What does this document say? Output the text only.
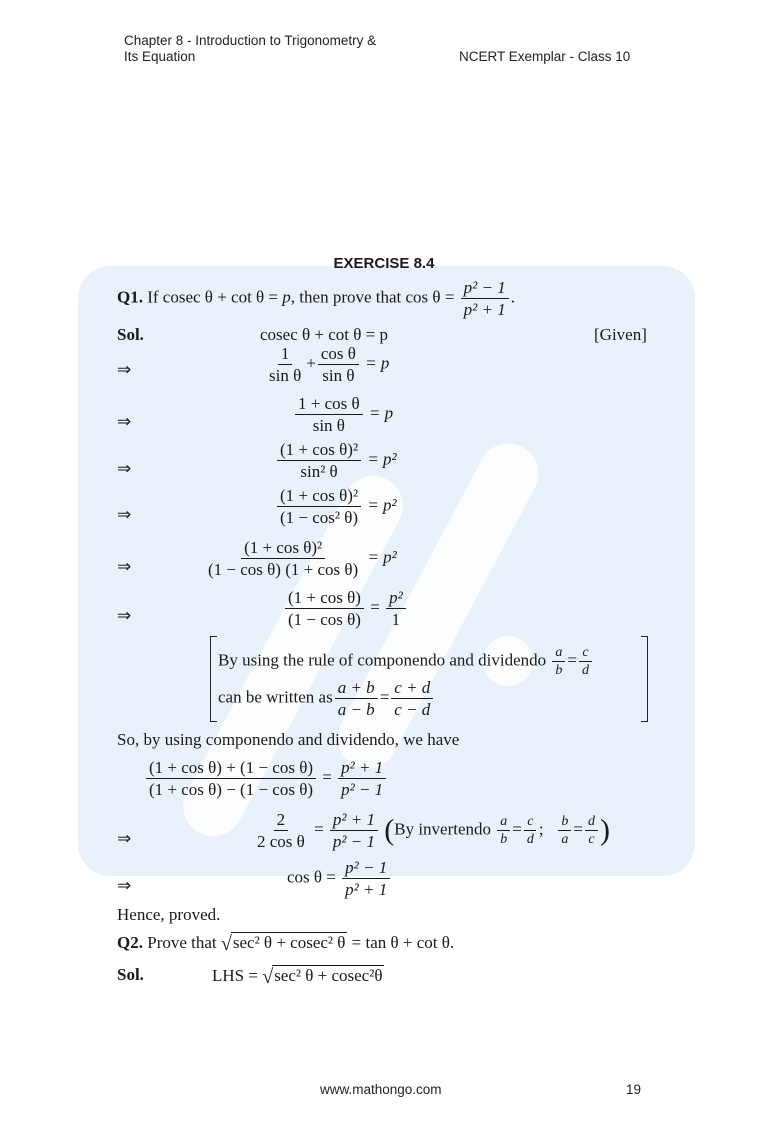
Chapter 8 - Introduction to Trigonometry &
Its Equation	NCERT Exemplar - Class 10
EXERCISE 8.4
Q1. If cosec θ + cot θ = p, then prove that $\cos \theta = \frac{\text{p² − 1}}{\text{p² + 1}}$ .
Sol.	cosec θ + cot θ = p	[Given]
⇒	$\frac{1}{\text{sin θ}} + \frac{\text{cos θ}}{\text{sin θ}} = p$
⇒	$\frac{\text{1 + cos θ}}{\text{sin θ}} = p$
⇒	$\frac{\text{(1 + cos θ)²}}{\text{sin² θ}} = p^2$
⇒	$\frac{\text{(1 + cos θ)²}}{\text{(1 − cos² θ)}} = p^2$
⇒	$\frac{\text{(1 + cos θ)²}}{\text{(1 − cos θ) (1 + cos θ)}} = p^2$
⇒	$\frac{\text{(1 + cos θ)}}{\text{(1 − cos θ)}} = \frac{\text{p²}}{1}$
By using the rule of componendo and dividendo $\frac{a}{b} = \frac{c}{d}$
can be written as $\frac{a + b}{a - b} = \frac{c + d}{c - d}$
So, by using componendo and dividendo, we have
$\frac{\text{(1 + cos θ) + (1 − cos θ)}}{\text{(1 + cos θ) − (1 − cos θ)}} = \frac{\text{p² + 1}}{\text{p² − 1}}$
⇒	$\frac{2}{\text{2 cos θ}} = \frac{\text{p² + 1}}{\text{p² − 1}} (By$ invertendo $\frac{a}{b} = \frac{c}{d}$ ; $\frac{b}{a} = \frac{d}{c}$ )
⇒	$\cos \theta = \frac{\text{p² − 1}}{\text{p² + 1}}$
Hence, proved.
Q2. Prove that √sec² θ + cosec² θ = tan θ + cot θ.
Sol.	LHS = √sec² θ + cosec²θ
www.mathongo.com	19
